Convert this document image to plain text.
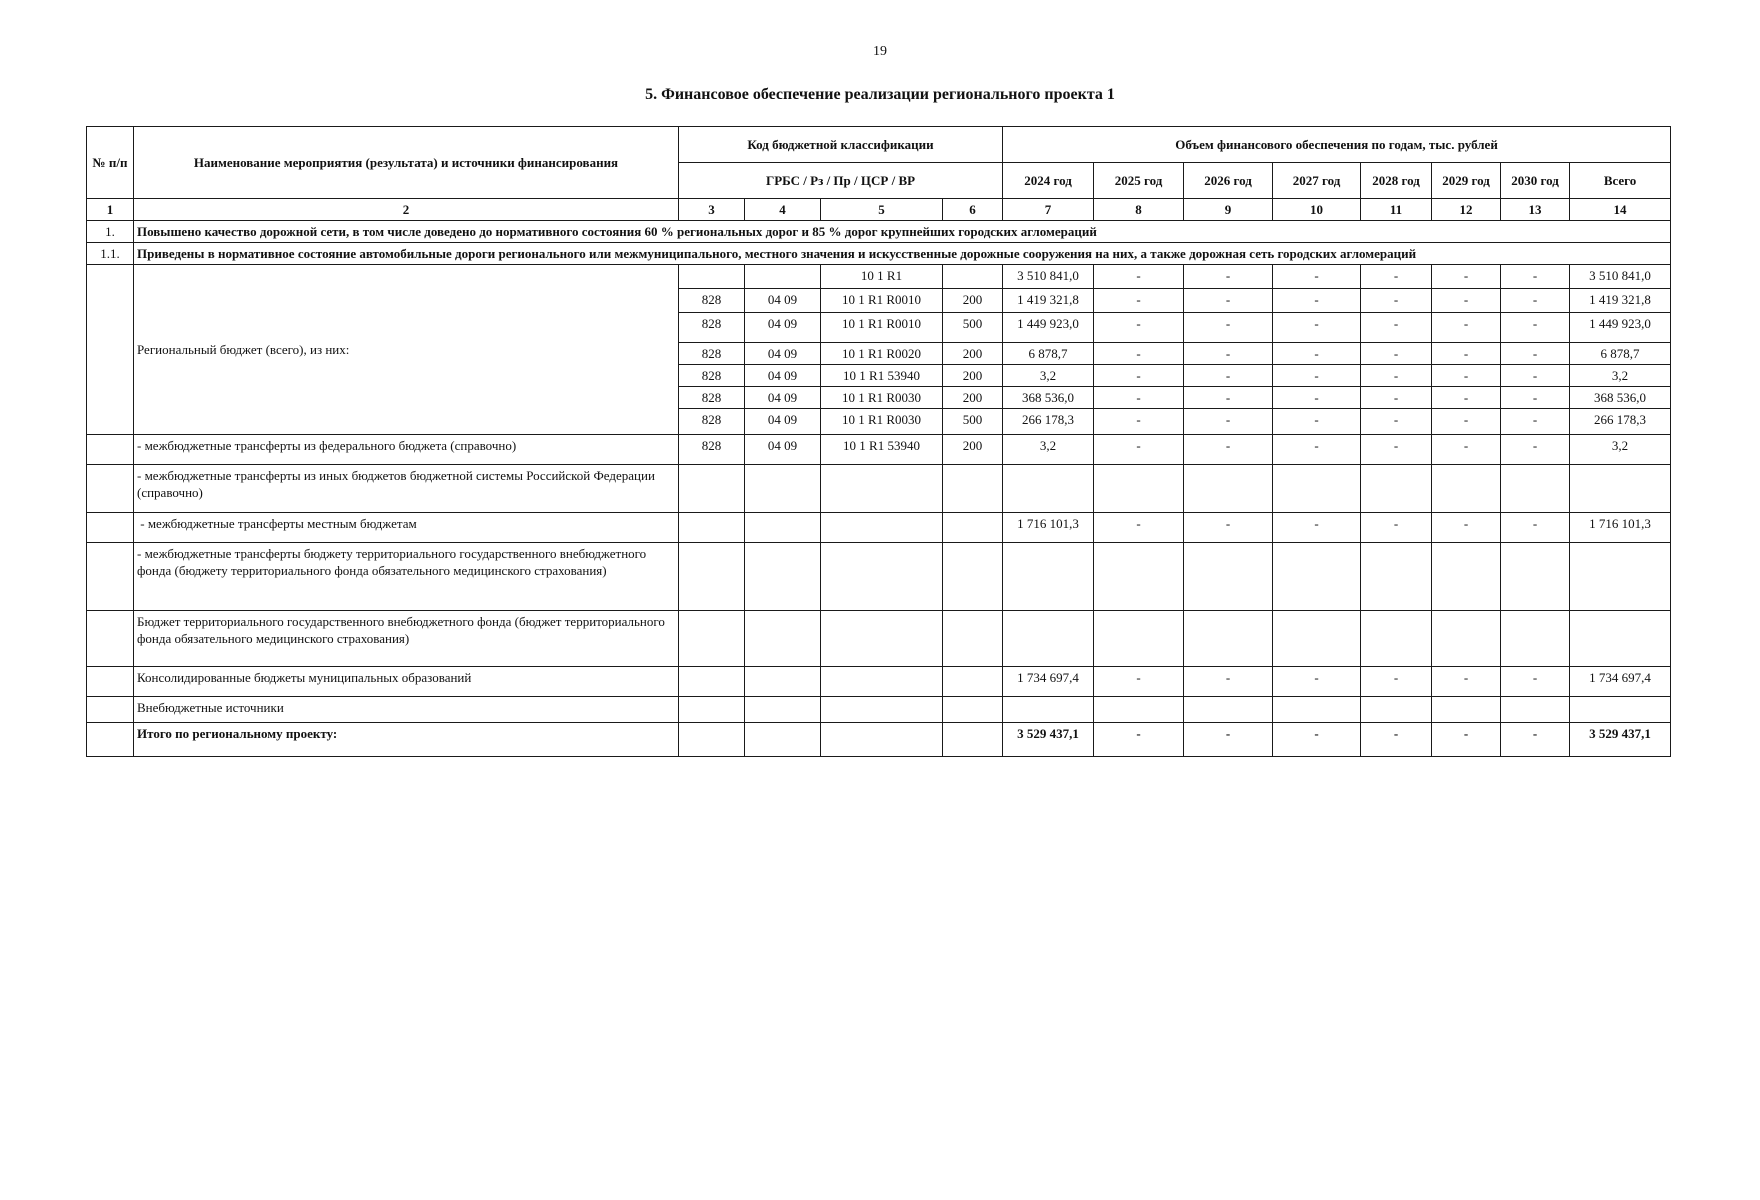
19
5. Финансовое обеспечение реализации регионального проекта 1
№ п/п	Наименование мероприятия (результата) и источники финансирования	Код бюджетной классификации				Объем финансового обеспечения по годам, тыс. рублей							
		ГРБС / Рз / Пр / ЦСР / ВР				2024 год	2025 год	2026 год	2027 год	2028 год	2029 год	2030 год	Всего
1	2	3	4	5	6	7	8	9	10	11	12	13	14
1.	Повышено качество дорожной сети, в том числе доведено до нормативного состояния 60 % региональных дорог и 85 % дорог крупнейших городских агломераций												
1.1.	Приведены в нормативное состояние автомобильные дороги регионального или межмуниципального, местного значения и искусственные дорожные сооружения на них, а также дорожная сеть городских агломераций												
	Региональный бюджет (всего), из них:			10 1 R1		3 510 841,0	-	-	-	-	-	-	3 510 841,0
		828	04 09	10 1 R1 R0010	200	1 419 321,8	-	-	-	-	-	-	1 419 321,8
		828	04 09	10 1 R1 R0010	500	1 449 923,0	-	-	-	-	-	-	1 449 923,0
		828	04 09	10 1 R1 R0020	200	6 878,7	-	-	-	-	-	-	6 878,7
		828	04 09	10 1 R1 53940	200	3,2	-	-	-	-	-	-	3,2
		828	04 09	10 1 R1 R0030	200	368 536,0	-	-	-	-	-	-	368 536,0
		828	04 09	10 1 R1 R0030	500	266 178,3	-	-	-	-	-	-	266 178,3
	- межбюджетные трансферты из федерального бюджета (справочно)	828	04 09	10 1 R1 53940	200	3,2	-	-	-	-	-	-	3,2
	- межбюджетные трансферты из иных бюджетов бюджетной системы Российской Федерации (справочно)												
	- межбюджетные трансферты местным бюджетам					1 716 101,3	-	-	-	-	-	-	1 716 101,3
	- межбюджетные трансферты бюджету территориального государственного внебюджетного фонда (бюджету территориального фонда обязательного медицинского страхования)												
	Бюджет территориального государственного внебюджетного фонда (бюджет территориального фонда обязательного медицинского страхования)												
	Консолидированные бюджеты муниципальных образований					1 734 697,4	-	-	-	-	-	-	1 734 697,4
	Внебюджетные источники												
	Итого по региональному проекту:					3 529 437,1	-	-	-	-	-	-	3 529 437,1
